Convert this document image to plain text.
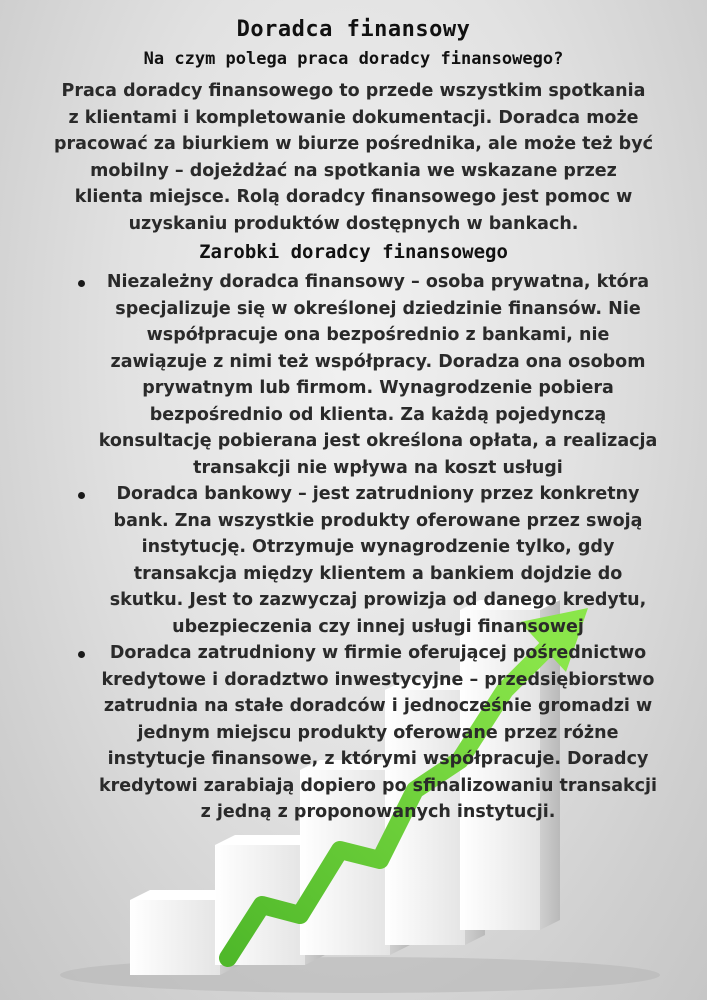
Doradca finansowy
Na czym polega praca doradcy finansowego?
Praca doradcy finansowego to przede wszystkim spotkania z klientami i kompletowanie dokumentacji. Doradca może pracować za biurkiem w biurze pośrednika, ale może też być mobilny – dojeżdżać na spotkania we wskazane przez klienta miejsce. Rolą doradcy finansowego jest pomoc w uzyskaniu produktów dostępnych w bankach.
Zarobki doradcy finansowego
Niezależny doradca finansowy – osoba prywatna, która specjalizuje się w określonej dziedzinie finansów. Nie współpracuje ona bezpośrednio z bankami, nie zawiązuje z nimi też współpracy. Doradza ona osobom prywatnym lub firmom. Wynagrodzenie pobiera bezpośrednio od klienta. Za każdą pojedynczą konsultację pobierana jest określona opłata, a realizacja transakcji nie wpływa na koszt usługi
Doradca bankowy – jest zatrudniony przez konkretny bank. Zna wszystkie produkty oferowane przez swoją instytucję. Otrzymuje wynagrodzenie tylko, gdy transakcja między klientem a bankiem dojdzie do skutku. Jest to zazwyczaj prowizja od danego kredytu, ubezpieczenia czy innej usługi finansowej
Doradca zatrudniony w firmie oferującej pośrednictwo kredytowe i doradztwo inwestycyjne – przedsiębiorstwo zatrudnia na stałe doradców i jednocześnie gromadzi w jednym miejscu produkty oferowane przez różne instytucje finansowe, z którymi współpracuje. Doradcy kredytowi zarabiają dopiero po sfinalizowaniu transakcji z jedną z proponowanych instytucji.
